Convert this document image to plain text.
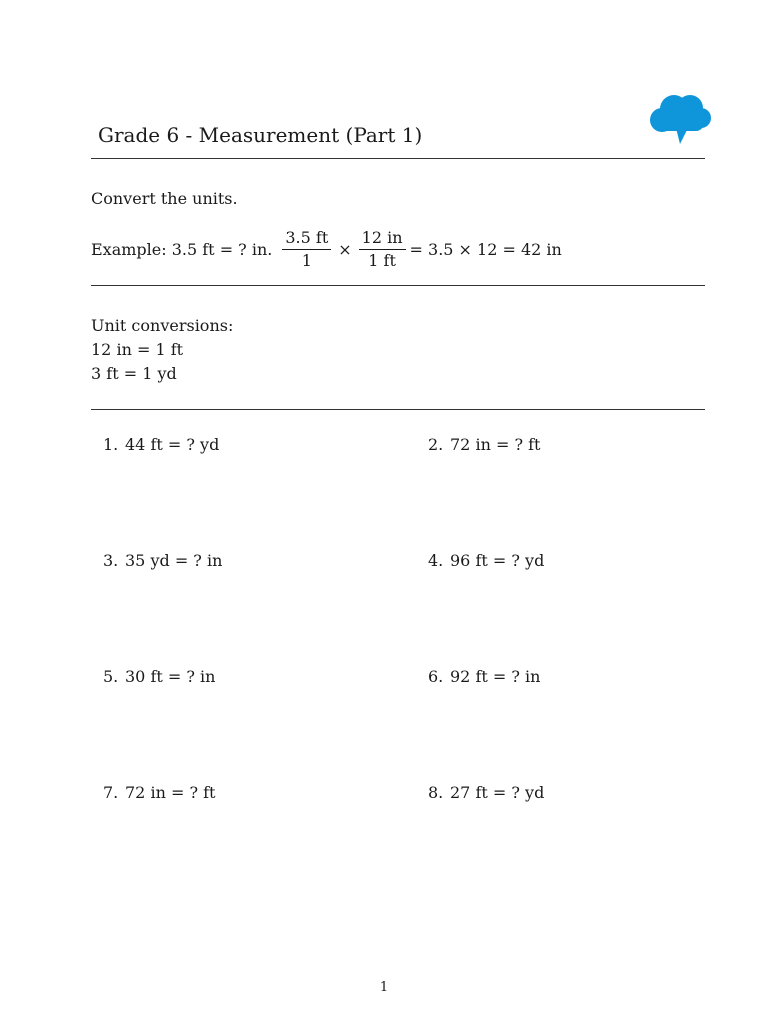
Grade 6 - Measurement (Part 1)
Convert the units.
Example: 3.5 ft = ? in. $\frac{3.5 ft}{1} \times \frac{12 in}{1 ft} = 3.5 \times 12 = 42$ in
Unit conversions:
12 in = 1 ft
3 ft = 1 yd
1. 44 ft = ? yd	2. 72 in = ? ft
3. 35 yd = ? in	4. 96 ft = ? yd
5. 30 ft = ? in	6. 92 ft = ? in
7. 72 in = ? ft	8. 27 ft = ? yd
1
